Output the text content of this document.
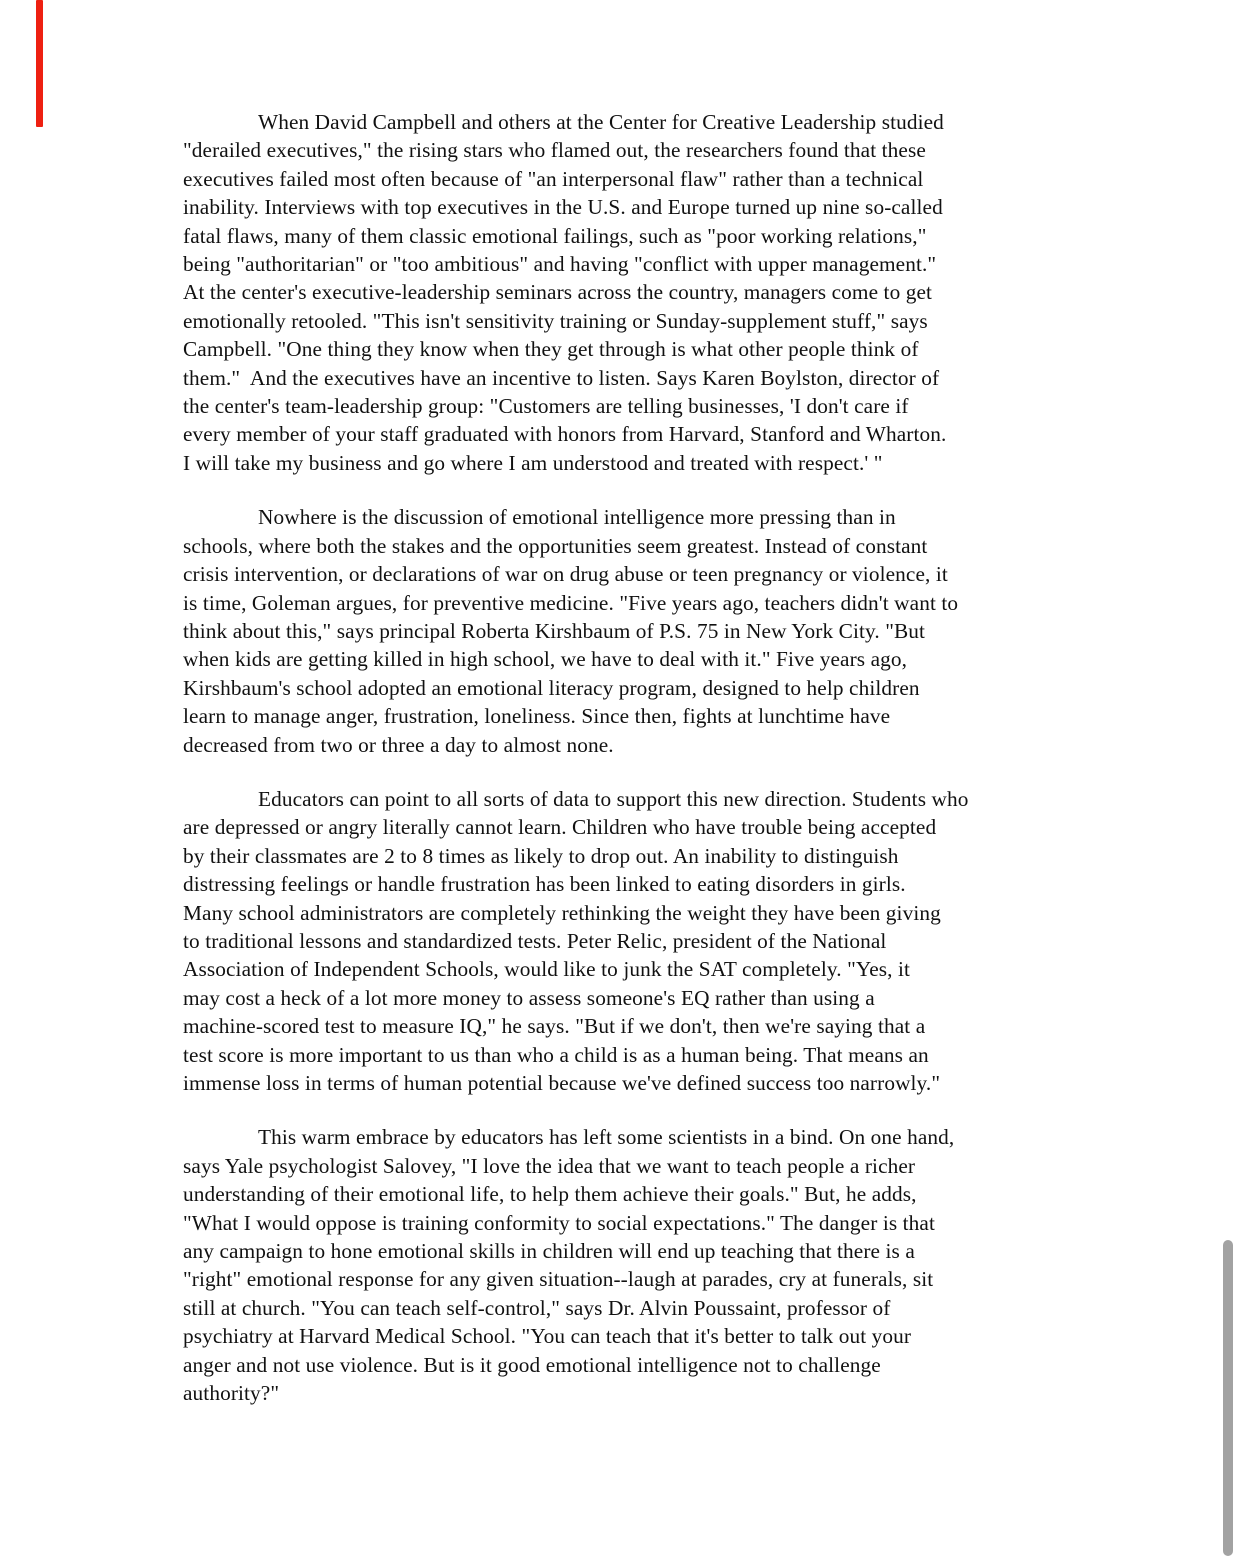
When David Campbell and others at the Center for Creative Leadership studied
"derailed executives," the rising stars who flamed out, the researchers found that these
executives failed most often because of "an interpersonal flaw" rather than a technical
inability. Interviews with top executives in the U.S. and Europe turned up nine so-called
fatal flaws, many of them classic emotional failings, such as "poor working relations,"
being "authoritarian" or "too ambitious" and having "conflict with upper management."
At the center's executive-leadership seminars across the country, managers come to get
emotionally retooled. "This isn't sensitivity training or Sunday-supplement stuff," says
Campbell. "One thing they know when they get through is what other people think of
them."  And the executives have an incentive to listen. Says Karen Boylston, director of
the center's team-leadership group: "Customers are telling businesses, 'I don't care if
every member of your staff graduated with honors from Harvard, Stanford and Wharton.
I will take my business and go where I am understood and treated with respect.' "
Nowhere is the discussion of emotional intelligence more pressing than in
schools, where both the stakes and the opportunities seem greatest. Instead of constant
crisis intervention, or declarations of war on drug abuse or teen pregnancy or violence, it
is time, Goleman argues, for preventive medicine. "Five years ago, teachers didn't want to
think about this," says principal Roberta Kirshbaum of P.S. 75 in New York City. "But
when kids are getting killed in high school, we have to deal with it." Five years ago,
Kirshbaum's school adopted an emotional literacy program, designed to help children
learn to manage anger, frustration, loneliness. Since then, fights at lunchtime have
decreased from two or three a day to almost none.
Educators can point to all sorts of data to support this new direction. Students who
are depressed or angry literally cannot learn. Children who have trouble being accepted
by their classmates are 2 to 8 times as likely to drop out. An inability to distinguish
distressing feelings or handle frustration has been linked to eating disorders in girls.
Many school administrators are completely rethinking the weight they have been giving
to traditional lessons and standardized tests. Peter Relic, president of the National
Association of Independent Schools, would like to junk the SAT completely. "Yes, it
may cost a heck of a lot more money to assess someone's EQ rather than using a
machine-scored test to measure IQ," he says. "But if we don't, then we're saying that a
test score is more important to us than who a child is as a human being. That means an
immense loss in terms of human potential because we've defined success too narrowly."
This warm embrace by educators has left some scientists in a bind. On one hand,
says Yale psychologist Salovey, "I love the idea that we want to teach people a richer
understanding of their emotional life, to help them achieve their goals." But, he adds,
"What I would oppose is training conformity to social expectations." The danger is that
any campaign to hone emotional skills in children will end up teaching that there is a
"right" emotional response for any given situation--laugh at parades, cry at funerals, sit
still at church. "You can teach self-control," says Dr. Alvin Poussaint, professor of
psychiatry at Harvard Medical School. "You can teach that it's better to talk out your
anger and not use violence. But is it good emotional intelligence not to challenge
authority?"
